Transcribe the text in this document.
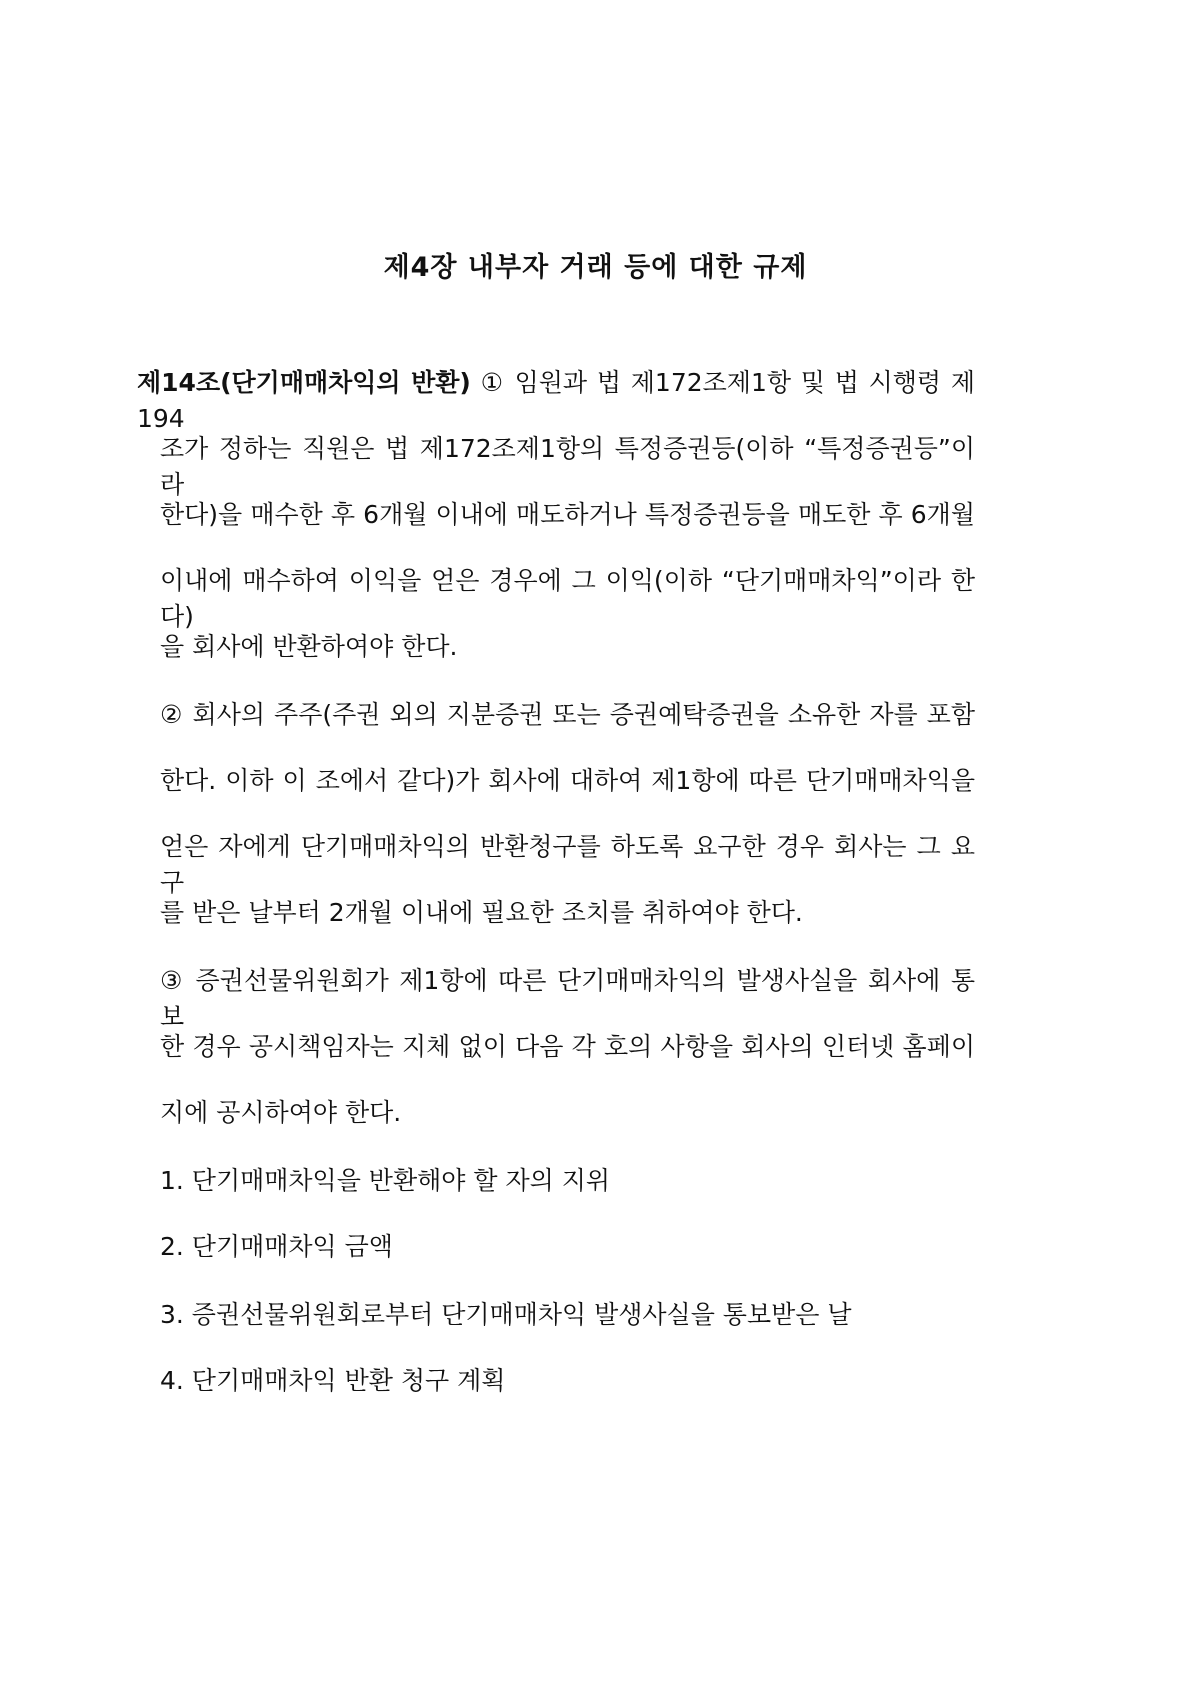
제4장 내부자 거래 등에 대한 규제
제14조(단기매매차익의 반환) ① 임원과 법 제172조제1항 및 법 시행령 제194
조가 정하는 직원은 법 제172조제1항의 특정증권등(이하 “특정증권등”이라
한다)을 매수한 후 6개월 이내에 매도하거나 특정증권등을 매도한 후 6개월
이내에 매수하여 이익을 얻은 경우에 그 이익(이하 “단기매매차익”이라 한다)
을 회사에 반환하여야 한다.
② 회사의 주주(주권 외의 지분증권 또는 증권예탁증권을 소유한 자를 포함
한다. 이하 이 조에서 같다)가 회사에 대하여 제1항에 따른 단기매매차익을
얻은 자에게 단기매매차익의 반환청구를 하도록 요구한 경우 회사는 그 요구
를 받은 날부터 2개월 이내에 필요한 조치를 취하여야 한다.
③ 증권선물위원회가 제1항에 따른 단기매매차익의 발생사실을 회사에 통보
한 경우 공시책임자는 지체 없이 다음 각 호의 사항을 회사의 인터넷 홈페이
지에 공시하여야 한다.
1. 단기매매차익을 반환해야 할 자의 지위
2. 단기매매차익 금액
3. 증권선물위원회로부터 단기매매차익 발생사실을 통보받은 날
4. 단기매매차익 반환 청구 계획
